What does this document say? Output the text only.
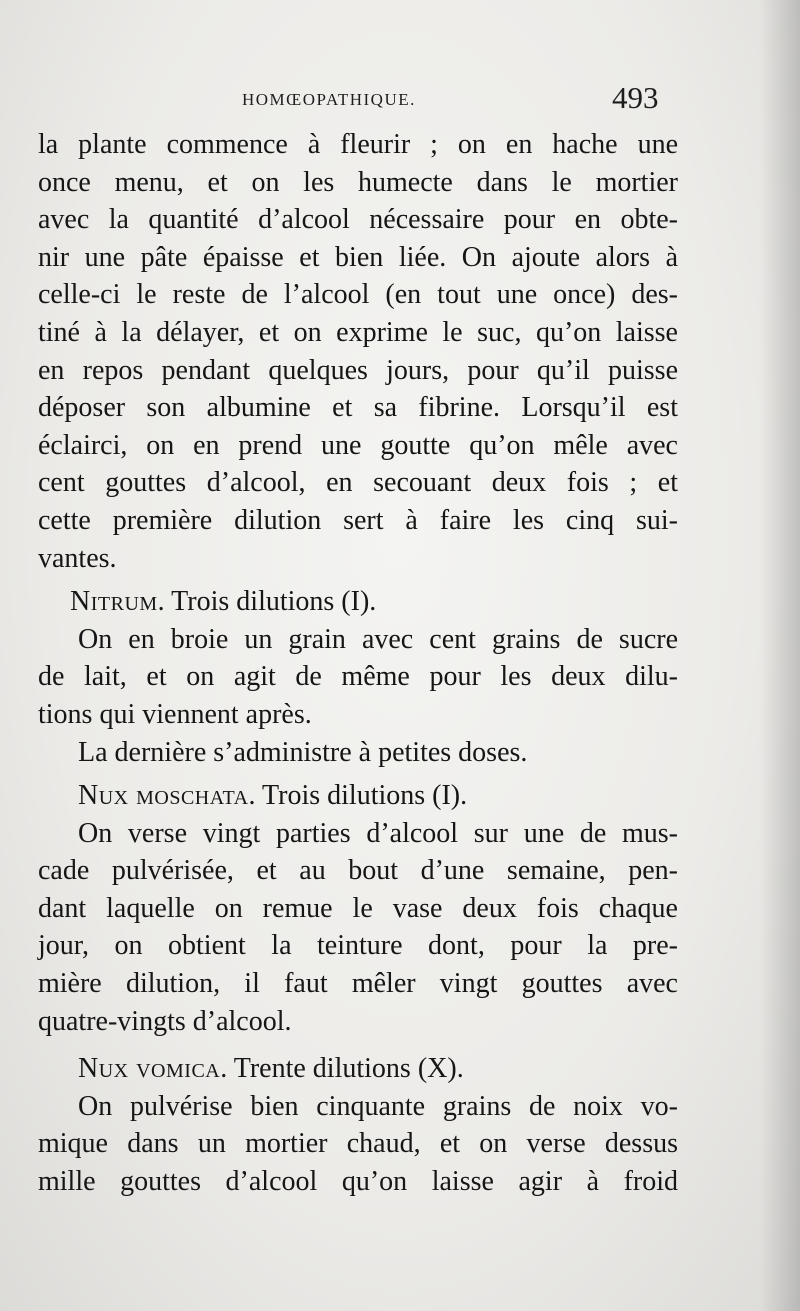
HOMŒOPATHIQUE.	493
la plante commence à fleurir ; on en hache une
once menu, et on les humecte dans le mortier
avec la quantité d’alcool nécessaire pour en obte-
nir une pâte épaisse et bien liée. On ajoute alors à
celle-ci le reste de l’alcool (en tout une once) des-
tiné à la délayer, et on exprime le suc, qu’on laisse
en repos pendant quelques jours, pour qu’il puisse
déposer son albumine et sa fibrine. Lorsqu’il est
éclairci, on en prend une goutte qu’on mêle avec
cent gouttes d’alcool, en secouant deux fois ; et
cette première dilution sert à faire les cinq sui-
vantes.
Nitrum. Trois dilutions (I).
On en broie un grain avec cent grains de sucre
de lait, et on agit de même pour les deux dilu-
tions qui viennent après.
La dernière s’administre à petites doses.
Nux moschata. Trois dilutions (I).
On verse vingt parties d’alcool sur une de mus-
cade pulvérisée, et au bout d’une semaine, pen-
dant laquelle on remue le vase deux fois chaque
jour, on obtient la teinture dont, pour la pre-
mière dilution, il faut mêler vingt gouttes avec
quatre-vingts d’alcool.
Nux vomica. Trente dilutions (X).
On pulvérise bien cinquante grains de noix vo-
mique dans un mortier chaud, et on verse dessus
mille gouttes d’alcool qu’on laisse agir à froid
